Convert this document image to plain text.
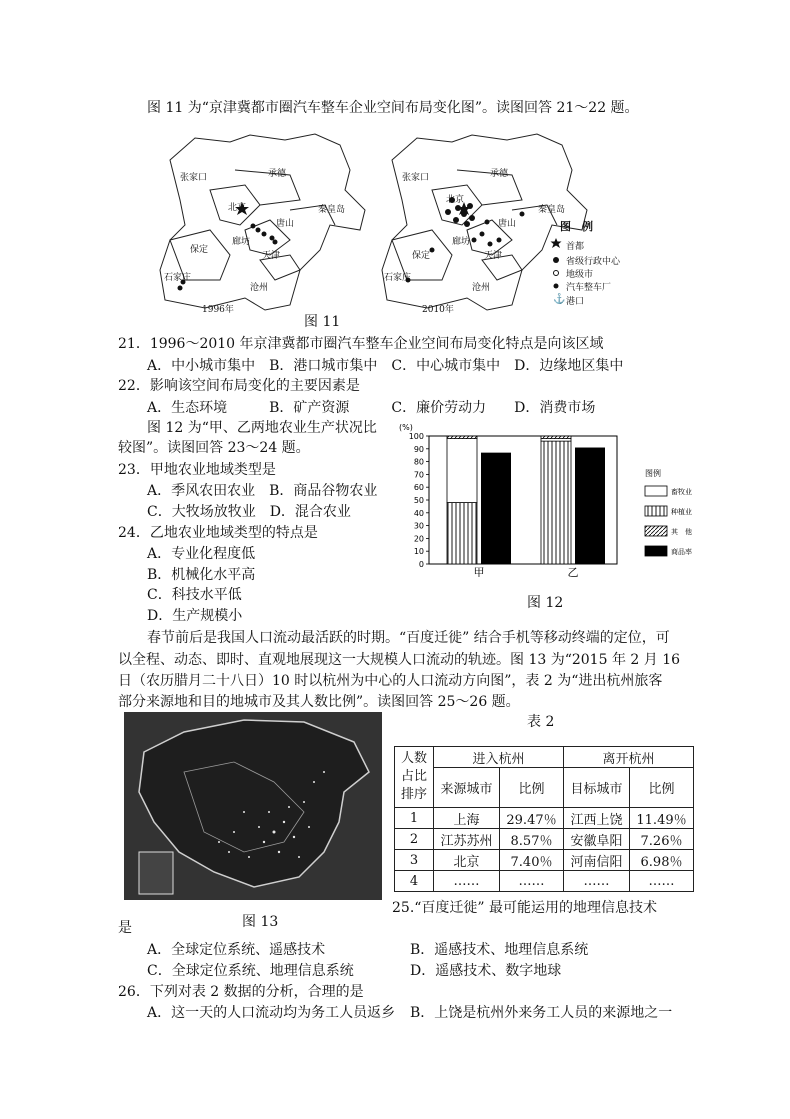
图 11 为“京津冀都市圈汽车整车企业空间布局变化图”。读图回答 21～22 题。
⚓
张家口	承德
北京
唐山
秦皇岛
保定
廊坊
天津
石家庄
沧州
1996年
张家口	承德
北京
唐山
秦皇岛
保定
廊坊
天津
石家庄
沧州
2010年
图　例
首都
省级行政中心
地级市
汽车整车厂
港口
图 11
21．1996～2010 年京津冀都市圈汽车整车企业空间布局变化特点是向该区域
A．中小城市集中　B．港口城市集中　C．中心城市集中　D．边缘地区集中
22．影响该空间布局变化的主要因素是
A．生态环境　　　B．矿产资源　　　C．廉价劳动力　　D．消费市场
图 12 为“甲、乙两地农业生产状况比
较图”。读图回答 23～24 题。
23．甲地农业地域类型是
A．季风农田农业　B．商品谷物农业
C．大牧场放牧业　D．混合农业
24．乙地农业地域类型的特点是
A．专业化程度低
B．机械化水平高
C．科技水平低
D．生产规模小
(%)
0
10
20
30
40
50
60
70
80
90
100
甲	乙
图例
畜牧业
种植业
其　他
商品率
图 12
春节前后是我国人口流动最活跃的时期。“百度迁徙” 结合手机等移动终端的定位，可
以全程、动态、即时、直观地展现这一大规模人口流动的轨迹。图 13 为“2015 年 2 月 16
日（农历腊月二十八日）10 时以杭州为中心的人口流动方向图”，表 2 为“进出杭州旅客
部分来源地和目的地城市及其人数比例”。读图回答 25～26 题。
图 13
表 2
人数
占比
排序	进入杭州		离开杭州	
	来源城市	比例	目标城市	比例
1	上海	29.47％	江西上饶	11.49％
2	江苏苏州	8.57％	安徽阜阳	7.26％
3	北京	7.40％	河南信阳	6.98％
4	……	……	……	……
25.“百度迁徙” 最可能运用的地理信息技术
是
A．全球定位系统、遥感技术	B．遥感技术、地理信息系统
C．全球定位系统、地理信息系统	D．遥感技术、数字地球
26．下列对表 2 数据的分析，合理的是
A．这一天的人口流动均为务工人员返乡 B．上饶是杭州外来务工人员的来源地之一
